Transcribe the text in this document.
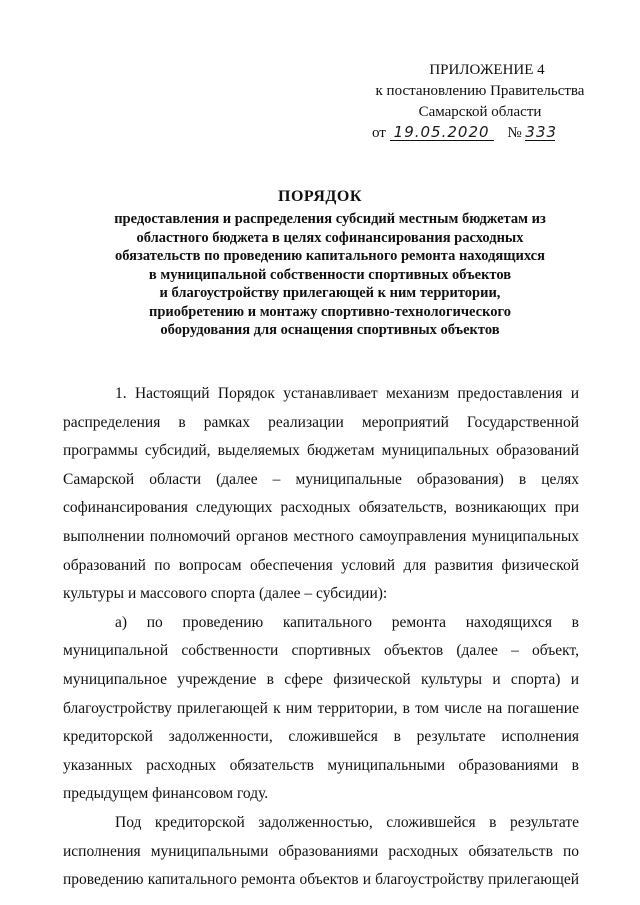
ПРИЛОЖЕНИЕ 4
к постановлению Правительства
Самарской области
от 19.05.2020 № 333
ПОРЯДОК
предоставления и распределения субсидий местным бюджетам из
областного бюджета в целях софинансирования расходных
обязательств по проведению капитального ремонта находящихся
в муниципальной собственности спортивных объектов
и благоустройству прилегающей к ним территории,
приобретению и монтажу спортивно-технологического
оборудования для оснащения спортивных объектов
1. Настоящий Порядок устанавливает механизм предоставления и
распределения в рамках реализации мероприятий Государственной
программы субсидий, выделяемых бюджетам муниципальных образований
Самарской области (далее – муниципальные образования) в целях
софинансирования следующих расходных обязательств, возникающих при
выполнении полномочий органов местного самоуправления муниципальных
образований по вопросам обеспечения условий для развития физической
культуры и массового спорта (далее – субсидии):
а) по проведению капитального ремонта находящихся в
муниципальной собственности спортивных объектов (далее – объект,
муниципальное учреждение в сфере физической культуры и спорта) и
благоустройству прилегающей к ним территории, в том числе на погашение
кредиторской задолженности, сложившейся в результате исполнения
указанных расходных обязательств муниципальными образованиями в
предыдущем финансовом году.
Под кредиторской задолженностью, сложившейся в результате
исполнения муниципальными образованиями расходных обязательств по
проведению капитального ремонта объектов и благоустройству прилегающей
